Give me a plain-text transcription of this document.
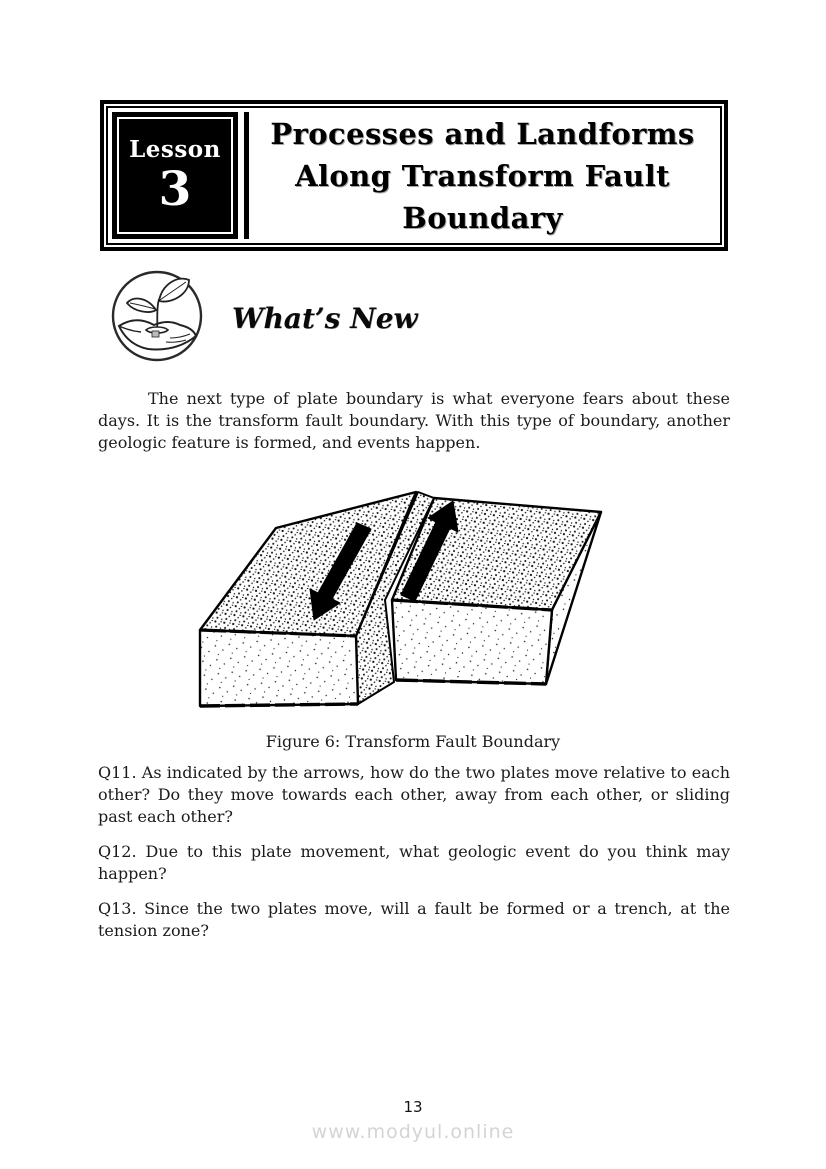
Lesson
3
Processes and Landforms
Along Transform Fault
Boundary
What’s New

The next type of plate boundary is what everyone fears about these days. It is the transform fault boundary. With this type of boundary, another geologic feature is formed, and events happen.

Figure 6: Transform Fault Boundary

Q11. As indicated by the arrows, how do the two plates move relative to each other? Do they move towards each other, away from each other, or sliding past each other?

Q12. Due to this plate movement, what geologic event do you think may happen?

Q13. Since the two plates move, will a fault be formed or a trench, at the tension zone?

13
www.modyul.online
